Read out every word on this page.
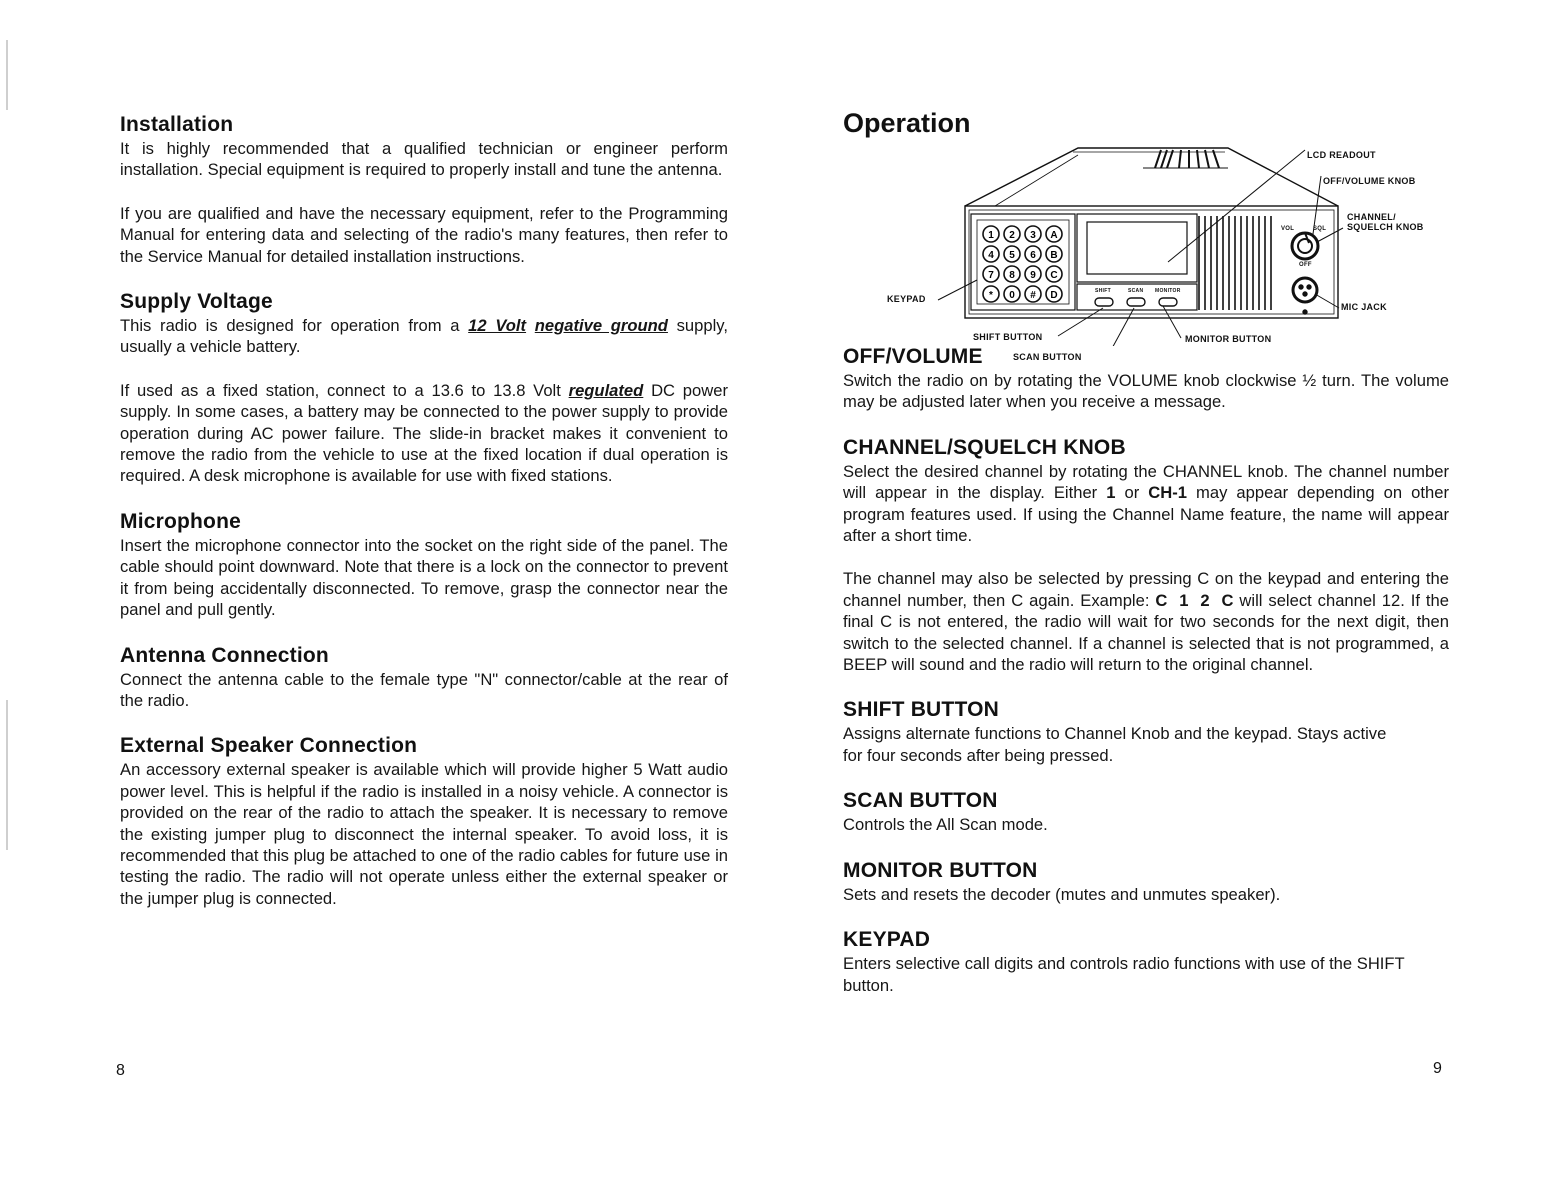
Installation

It is highly recommended that a qualified technician or engineer perform installation. Special equipment is required to properly install and tune the antenna.

If you are qualified and have the necessary equipment, refer to the Programming Manual for entering data and selecting of the radio's many features, then refer to the Service Manual for detailed installation instructions.

Supply Voltage

This radio is designed for operation from a 12 Volt negative ground supply, usually a vehicle battery.

If used as a fixed station, connect to a 13.6 to 13.8 Volt regulated DC power supply. In some cases, a battery may be connected to the power supply to provide operation during AC power failure. The slide-in bracket makes it convenient to remove the radio from the vehicle to use at the fixed location if dual operation is required. A desk microphone is available for use with fixed stations.

Microphone

Insert the microphone connector into the socket on the right side of the panel. The cable should point downward. Note that there is a lock on the connector to prevent it from being accidentally disconnected. To remove, grasp the connector near the panel and pull gently.

Antenna Connection

Connect the antenna cable to the female type "N" connector/cable at the rear of the radio.

External Speaker Connection

An accessory external speaker is available which will provide higher 5 Watt audio power level. This is helpful if the radio is installed in a noisy vehicle. A connector is provided on the rear of the radio to attach the speaker. It is necessary to remove the existing jumper plug to disconnect the internal speaker. To avoid loss, it is recommended that this plug be attached to one of the radio cables for future use in testing the radio. The radio will not operate unless either the external speaker or the jumper plug is connected.

8
Operation
1 2 3 A
4 5 6 B
7 8 9 C
* 0 # D
LCD READOUT
OFF/VOLUME KNOB
CHANNEL/ SQUELCH KNOB
MIC JACK
KEYPAD
SHIFT BUTTON
SCAN BUTTON
MONITOR BUTTON
VOL	SQL
OFF
SHIFT	SCAN MONITOR
OFF/VOLUME

Switch the radio on by rotating the VOLUME knob clockwise ½ turn. The volume may be adjusted later when you receive a message.

CHANNEL/SQUELCH KNOB

Select the desired channel by rotating the CHANNEL knob. The channel number will appear in the display. Either 1 or CH-1 may appear depending on other program features used. If using the Channel Name feature, the name will appear after a short time.

The channel may also be selected by pressing C on the keypad and entering the channel number, then C again. Example: C  1  2  C will select channel 12. If the final C is not entered, the radio will wait for two seconds for the next digit, then switch to the selected channel. If a channel is selected that is not programmed, a BEEP will sound and the radio will return to the original channel.

SHIFT BUTTON

Assigns alternate functions to Channel Knob and the keypad. Stays active for four seconds after being pressed.

SCAN BUTTON

Controls the All Scan mode.

MONITOR BUTTON

Sets and resets the decoder (mutes and unmutes speaker).

KEYPAD

Enters selective call digits and controls radio functions with use of the SHIFT button.

9
